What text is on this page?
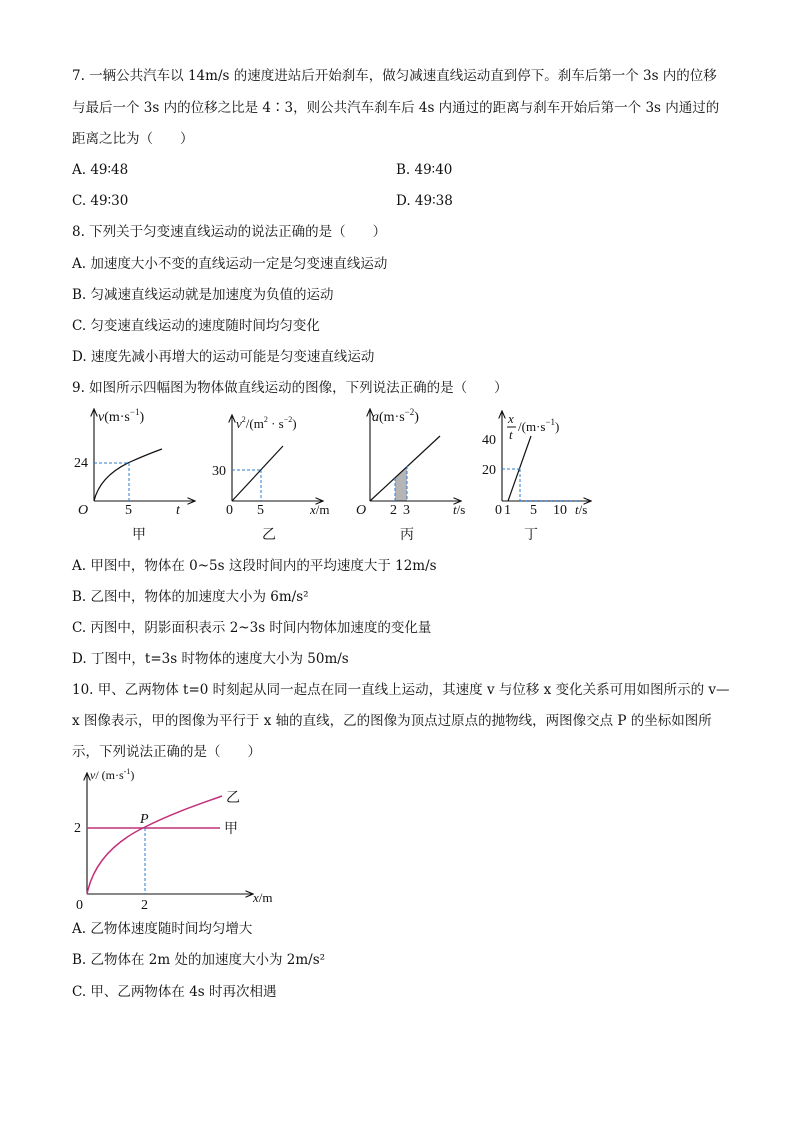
7. 一辆公共汽车以 14m/s 的速度进站后开始刹车，做匀减速直线运动直到停下。刹车后第一个 3s 内的位移
与最后一个 3s 内的位移之比是 4∶3，则公共汽车刹车后 4s 内通过的距离与刹车开始后第一个 3s 内通过的
距离之比为（　　）
A. 49∶48	B. 49∶40
C. 49∶30	D. 49∶38
8. 下列关于匀变速直线运动的说法正确的是（　　）
A. 加速度大小不变的直线运动一定是匀变速直线运动
B. 匀减速直线运动就是加速度为负值的运动
C. 匀变速直线运动的速度随时间均匀变化
D. 速度先减小再增大的运动可能是匀变速直线运动
9. 如图所示四幅图为物体做直线运动的图像，下列说法正确的是（　　）
$v(m\cdot s^{-1})$
24
O	5	t
甲
$v^2/(m^2 \cdot s^{-2})$
30
0 5	x/m
乙
$a(m\cdot s^{-2})$
O 2 3	t/s
丙
x
t
$/(m\cdot s^{-1})$
40
20
0 1 5 10 t/s
丁
A. 甲图中，物体在 0~5s 这段时间内的平均速度大于 12m/s
B. 乙图中，物体的加速度大小为 6m/s²
C. 丙图中，阴影面积表示 2~3s 时间内物体加速度的变化量
D. 丁图中，t=3s 时物体的速度大小为 50m/s
10. 甲、乙两物体 t=0 时刻起从同一起点在同一直线上运动，其速度 v 与位移 x 变化关系可用如图所示的 v—
x 图像表示，甲的图像为平行于 x 轴的直线，乙的图像为顶点过原点的抛物线，两图像交点 P 的坐标如图所
示，下列说法正确的是（　　）
v/ $(m\cdot s^{-1})$
2
0	2
x/m
P
甲
乙
A. 乙物体速度随时间均匀增大
B. 乙物体在 2m 处的加速度大小为 2m/s²
C. 甲、乙两物体在 4s 时再次相遇
